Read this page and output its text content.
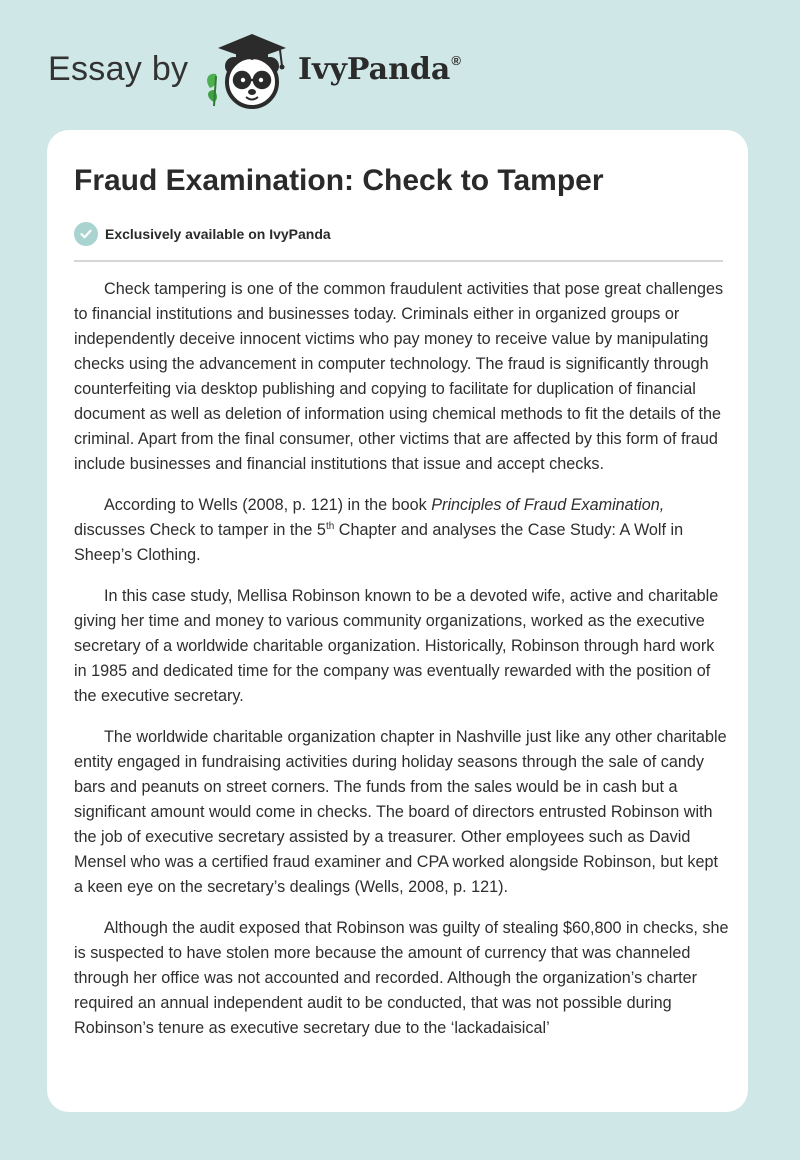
Essay by	IvyPanda®
Fraud Examination: Check to Tamper
Exclusively available on IvyPanda

Check tampering is one of the common fraudulent activities that pose great challenges to financial institutions and businesses today. Criminals either in organized groups or independently deceive innocent victims who pay money to receive value by manipulating checks using the advancement in computer technology. The fraud is significantly through counterfeiting via desktop publishing and copying to facilitate for duplication of financial document as well as deletion of information using chemical methods to fit the details of the criminal. Apart from the final consumer, other victims that are affected by this form of fraud include businesses and financial institutions that issue and accept checks.

According to Wells (2008, p. 121) in the book Principles of Fraud Examination, discusses Check to tamper in the 5th Chapter and analyses the Case Study: A Wolf in Sheep’s Clothing.

In this case study, Mellisa Robinson known to be a devoted wife, active and charitable giving her time and money to various community organizations, worked as the executive secretary of a worldwide charitable organization. Historically, Robinson through hard work in 1985 and dedicated time for the company was eventually rewarded with the position of the executive secretary.

The worldwide charitable organization chapter in Nashville just like any other charitable entity engaged in fundraising activities during holiday seasons through the sale of candy bars and peanuts on street corners. The funds from the sales would be in cash but a significant amount would come in checks. The board of directors entrusted Robinson with the job of executive secretary assisted by a treasurer. Other employees such as David Mensel who was a certified fraud examiner and CPA worked alongside Robinson, but kept a keen eye on the secretary’s dealings (Wells, 2008, p. 121).

Although the audit exposed that Robinson was guilty of stealing $60,800 in checks, she is suspected to have stolen more because the amount of currency that was channeled through her office was not accounted and recorded. Although the organization’s charter required an annual independent audit to be conducted, that was not possible during Robinson’s tenure as executive secretary due to the ‘lackadaisical’
